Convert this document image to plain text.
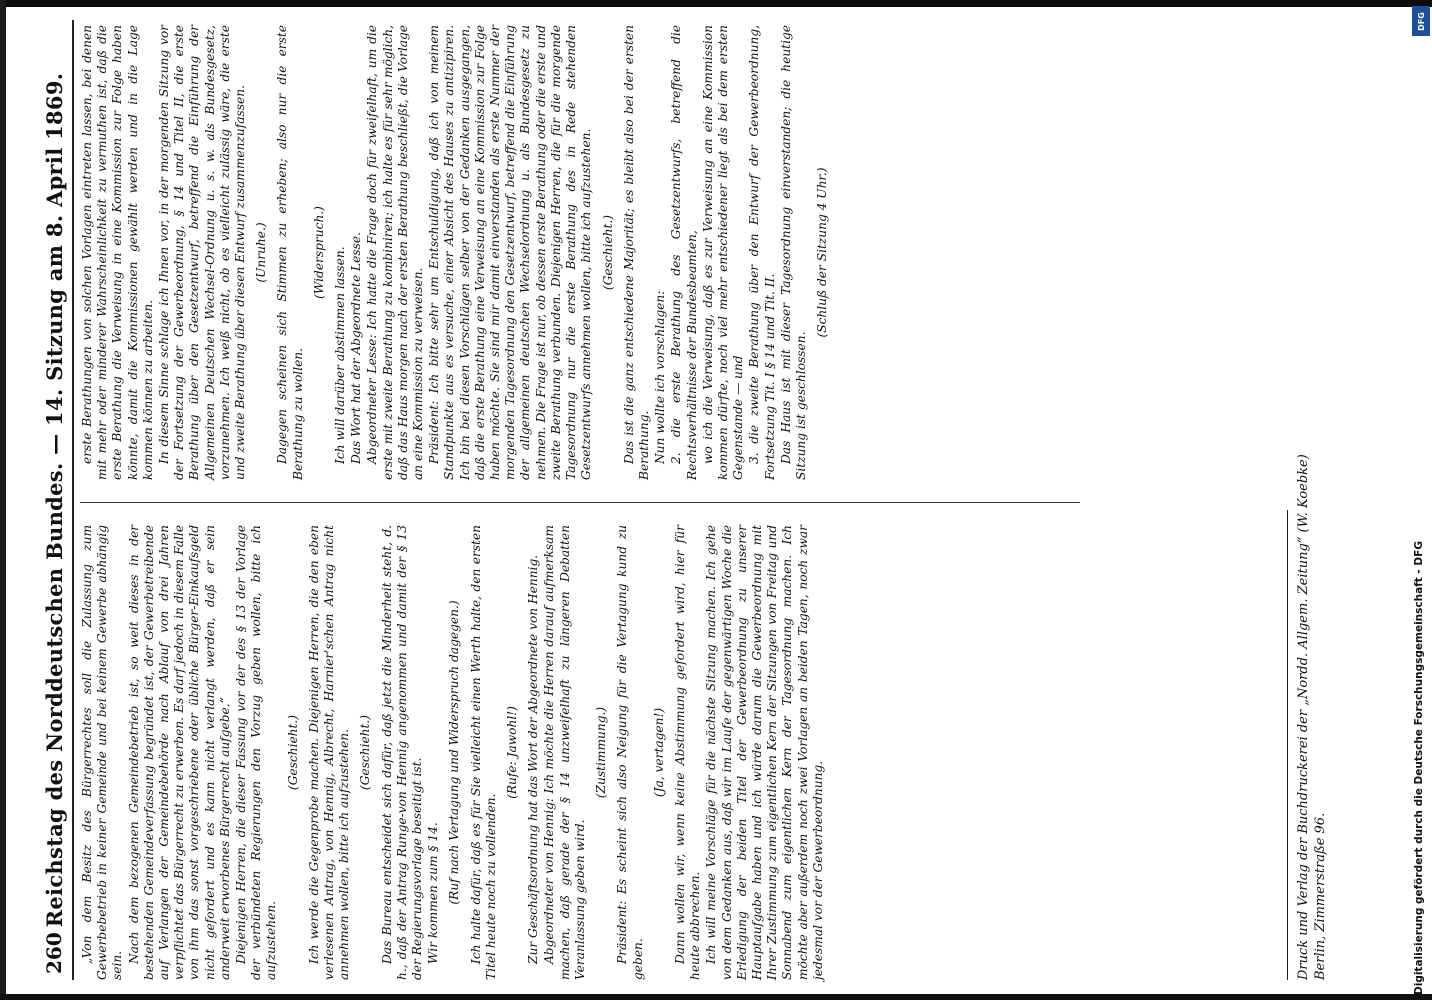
260
Reichstag des Norddeutschen Bundes. — 14. Sitzung am 8. April 1869. „Von dem Besitz des Bürgerrechtes soll die Zulassung zum Gewerbebetrieb in keiner Gemeinde und bei keinem Gewerbe abhängig sein.

Nach dem bezogenen Gemeindebetrieb ist, so weit dieses in der bestehenden Gemeindeverfassung begründet ist, der Gewerbetreibende auf Verlangen der Gemeindebehörde nach Ablauf von drei Jahren verpflichtet das Bürgerrecht zu erwerben. Es darf jedoch in diesem Falle von ihm das sonst vorgeschriebene oder übliche Bürger-Einkaufsgeld nicht gefordert und es kann nicht verlangt werden, daß er sein anderweit erworbenes Bürgerrecht aufgebe.“ Diejenigen Herren, die dieser Fassung vor der des § 13 der Vorlage der verbündeten Regierungen den Vorzug geben wollen, bitte ich aufzustehen.

(Geschieht.) Ich werde die Gegenprobe machen. Diejenigen Herren, die den eben verlesenen Antrag, von Hennig, Albrecht, Harnier'schen Antrag nicht annehmen wollen, bitte ich aufzustehen. (Geschieht.) Das Bureau entscheidet sich dafür, daß jetzt die Minderheit steht, d. h., daß der Antrag Runge-von Hennig angenommen und damit der § 13 der Regierungsvorlage beseitigt ist. Wir kommen zum § 14. (Ruf nach Vertagung und Widerspruch dagegen.) Ich halte dafür, daß es für Sie vielleicht einen Werth halte, den ersten Titel heute noch zu vollenden.

(Rufe: Jawohl!) Zur Geschäftsordnung hat das Wort der Abgeordnete von Hennig. Abgeordneter von Hennig: Ich möchte die Herren darauf aufmerksam machen, daß gerade der § 14 unzweifelhaft zu längeren Debatten Veranlassung geben wird.

(Zustimmung.) Präsident: Es scheint sich also Neigung für die Vertagung kund zu geben.

(Ja, vertagen!) Dann wollen wir, wenn keine Abstimmung gefordert wird, hier für heute abbrechen. Ich will meine Vorschläge für die nächste Sitzung machen. Ich gehe von dem Gedanken aus, daß wir im Laufe der gegenwärtigen Woche die Erledigung der beiden Titel der Gewerbeordnung zu unserer Hauptaufgabe haben und ich würde darum die Gewerbeordnung mit Ihrer Zustimmung zum eigentlichen Kern der Sitzungen von Freitag und Sonnabend zum eigentlichen Kern der Tagesordnung machen. Ich möchte aber außerdem noch zwei Vorlagen an beiden Tagen, noch zwar jedesmal vor der Gewerbeordnung.

erste Berathungen von solchen Vorlagen eintreten lassen, bei denen mit mehr oder minderer Wahrscheinlichkeit zu vermuthen ist, daß die erste Berathung die Verweisung in eine Kommission zur Folge haben könnte, damit die Kommissionen gewählt werden und in die Lage kommen können zu arbeiten. In diesem Sinne schlage ich Ihnen vor, in der morgenden Sitzung vor der Fortsetzung der Gewerbeordnung, § 14 und Titel II, die erste Berathung über den Gesetzentwurf, betreffend die Einführung der Allgemeinen Deutschen Wechsel-Ordnung u. s. w. als Bundesgesetz, vorzunehmen. Ich weiß nicht, ob es vielleicht zulässig wäre, die erste und zweite Berathung über diesen Entwurf zusammenzufassen. (Unruhe.) Dagegen scheinen sich Stimmen zu erheben; also nur die erste Berathung zu wollen.

(Widerspruch.) Ich will darüber abstimmen lassen. Das Wort hat der Abgeordnete Lesse. Abgeordneter Lesse: Ich hatte die Frage doch für zweifelhaft, um die erste mit zweite Berathung zu kombiniren; ich halte es für sehr möglich, daß das Haus morgen nach der ersten Berathung beschließt, die Vorlage an eine Kommission zu verweisen. Präsident: Ich bitte sehr um Entschuldigung, daß ich von meinem Standpunkte aus es versuche, einer Absicht des Hauses zu antizipiren. Ich bin bei diesen Vorschlägen selber von der Gedanken ausgegangen, daß die erste Berathung eine Verweisung an eine Kommission zur Folge haben möchte. Sie sind mir damit einverstanden als erste Nummer der morgenden Tagesordnung den Gesetzentwurf, betreffend die Einführung der allgemeinen deutschen Wechselordnung u. als Bundesgesetz zu nehmen. Die Frage ist nur, ob dessen erste Berathung oder die erste und zweite Berathung verbunden. Diejenigen Herren, die für die morgende Tagesordnung nur die erste Berathung des in Rede stehenden Gesetzentwurfs annehmen wollen, bitte ich aufzustehen. (Geschieht.) Das ist die ganz entschiedene Majorität; es bleibt also bei der ersten Berathung. Nun wollte ich vorschlagen: 2. die erste Berathung des Gesetzentwurfs, betreffend die Rechtsverhältnisse der Bundesbeamten, wo ich die Verweisung, daß es zur Verweisung an eine Kommission kommen dürfte, noch viel mehr entschiedener liegt als bei dem ersten Gegenstande — und 3. die zweite Berathung über den Entwurf der Gewerbeordnung, Fortsetzung Tit. I § 14 und Tit. II. Das Haus ist mit dieser Tagesordnung einverstanden; die heutige Sitzung ist geschlossen.

(Schluß der Sitzung 4 Uhr.)

Druck und Verlag der Buchdruckerei der „Nordd. Allgem. Zeitung“ (W. Koebke) Berlin, Zimmerstraße 96.	Digitalisierung gefördert durch die Deutsche Forschungsgemeinschaft - DFG
DFG
